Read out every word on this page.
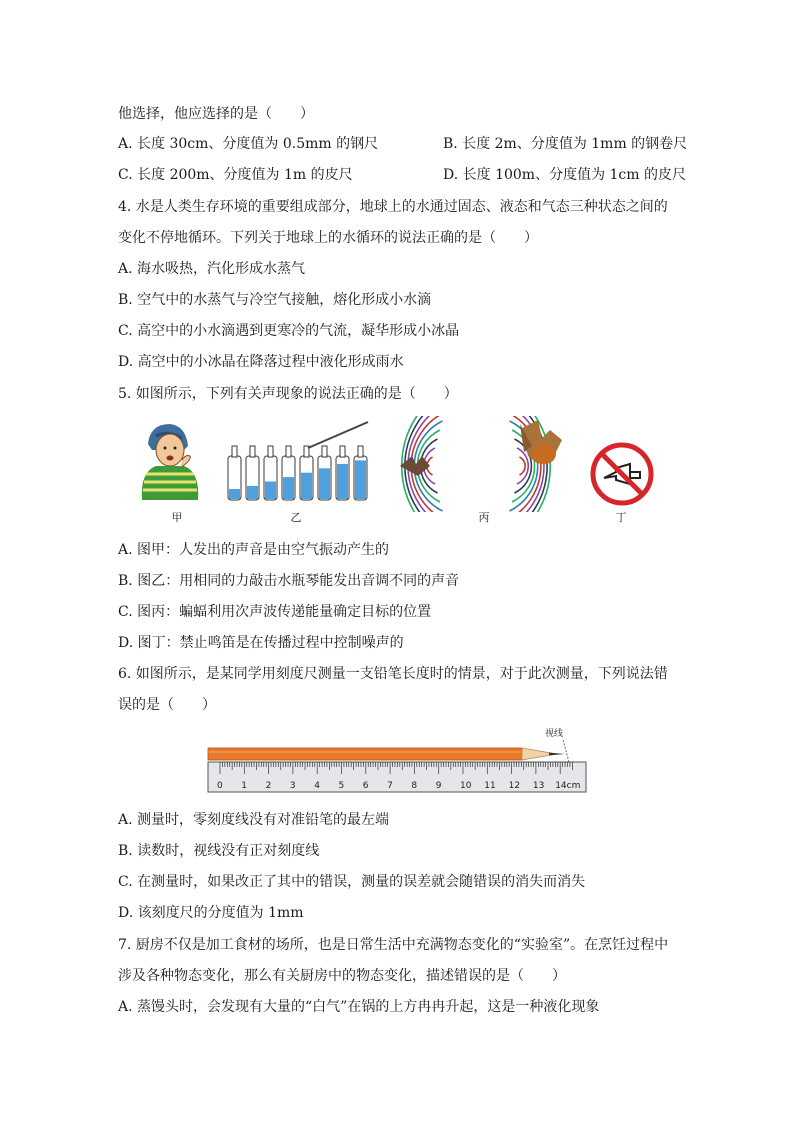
他选择，他应选择的是（　　）
A. 长度 30cm、分度值为 0.5mm 的钢尺	B. 长度 2m、分度值为 1mm 的钢卷尺
C. 长度 200m、分度值为 1m 的皮尺	D. 长度 100m、分度值为 1cm 的皮尺
4. 水是人类生存环境的重要组成部分，地球上的水通过固态、液态和气态三种状态之间的
变化不停地循环。下列关于地球上的水循环的说法正确的是（　　）
A. 海水吸热，汽化形成水蒸气
B. 空气中的水蒸气与冷空气接触，熔化形成小水滴
C. 高空中的小水滴遇到更寒冷的气流，凝华形成小冰晶
D. 高空中的小冰晶在降落过程中液化形成雨水
5. 如图所示，下列有关声现象的说法正确的是（　　）
甲	乙	丙	丁
A. 图甲：人发出的声音是由空气振动产生的
B. 图乙：用相同的力敲击水瓶琴能发出音调不同的声音
C. 图丙：蝙蝠利用次声波传递能量确定目标的位置
D. 图丁：禁止鸣笛是在传播过程中控制噪声的
6. 如图所示，是某同学用刻度尺测量一支铅笔长度时的情景，对于此次测量，下列说法错
误的是（　　）
视线
0 1 2 3 4 5 6 7 8 9 10 11 12 13 14cm
A. 测量时，零刻度线没有对准铅笔的最左端
B. 读数时，视线没有正对刻度线
C. 在测量时，如果改正了其中的错误，测量的误差就会随错误的消失而消失
D. 该刻度尺的分度值为 1mm
7. 厨房不仅是加工食材的场所，也是日常生活中充满物态变化的“实验室”。在烹饪过程中
涉及各种物态变化，那么有关厨房中的物态变化，描述错误的是（　　）
A. 蒸馒头时，会发现有大量的“白气”在锅的上方冉冉升起，这是一种液化现象
